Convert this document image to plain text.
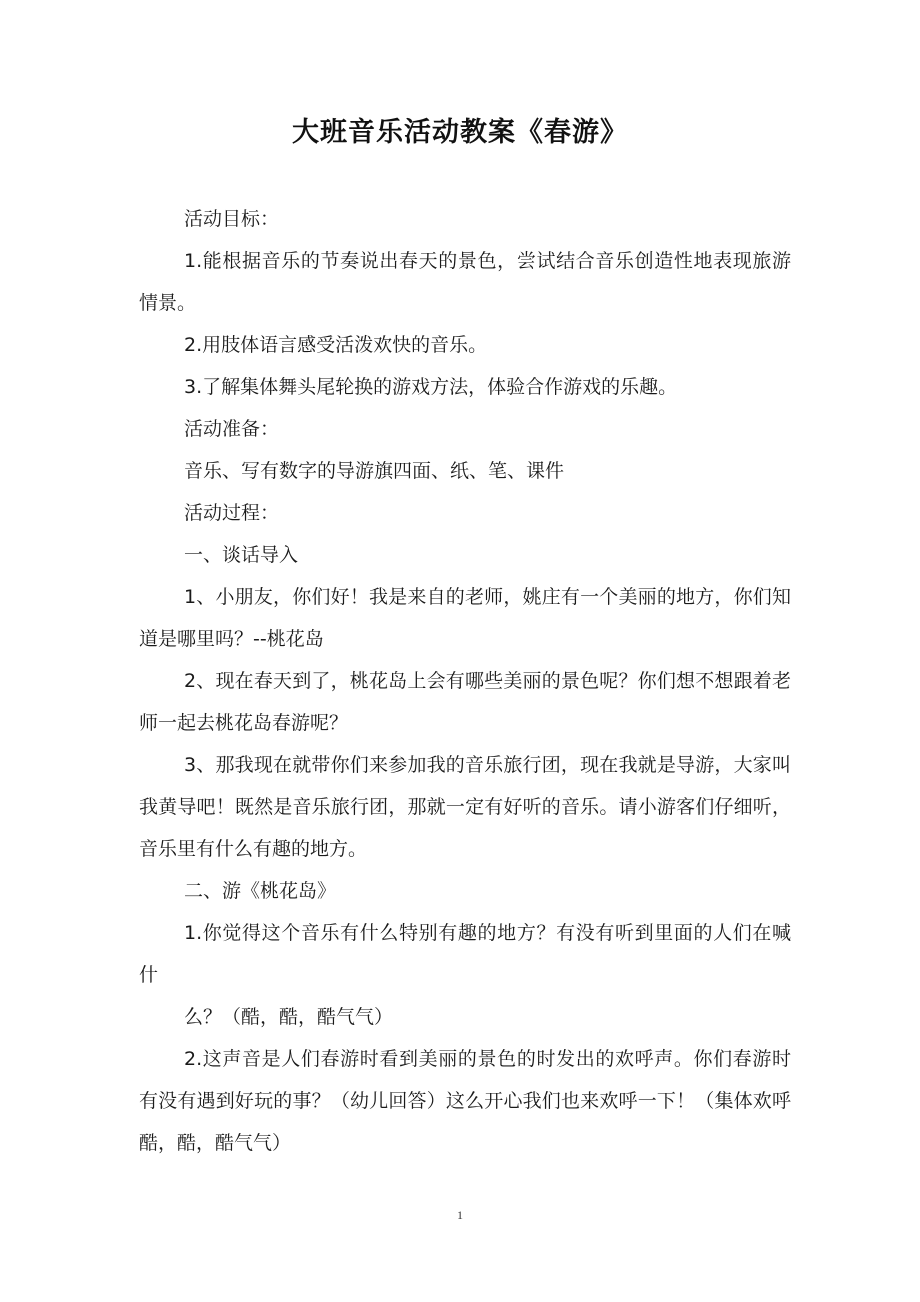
大班音乐活动教案《春游》

活动目标：

1.能根据音乐的节奏说出春天的景色，尝试结合音乐创造性地表现旅游情景。

2.用肢体语言感受活泼欢快的音乐。

3.了解集体舞头尾轮换的游戏方法，体验合作游戏的乐趣。

活动准备：

音乐、写有数字的导游旗四面、纸、笔、课件

活动过程：

一、谈话导入

1、小朋友，你们好！我是来自的老师，姚庄有一个美丽的地方，你们知道是哪里吗？--桃花岛

2、现在春天到了，桃花岛上会有哪些美丽的景色呢？你们想不想跟着老师一起去桃花岛春游呢？

3、那我现在就带你们来参加我的音乐旅行团，现在我就是导游，大家叫我黄导吧！既然是音乐旅行团，那就一定有好听的音乐。请小游客们仔细听，音乐里有什么有趣的地方。

二、游《桃花岛》

1.你觉得这个音乐有什么特别有趣的地方？有没有听到里面的人们在喊什

么？（酷，酷，酷气气）

2.这声音是人们春游时看到美丽的景色的时发出的欢呼声。你们春游时有没有遇到好玩的事？（幼儿回答）这么开心我们也来欢呼一下！（集体欢呼酷，酷，酷气气）

1
